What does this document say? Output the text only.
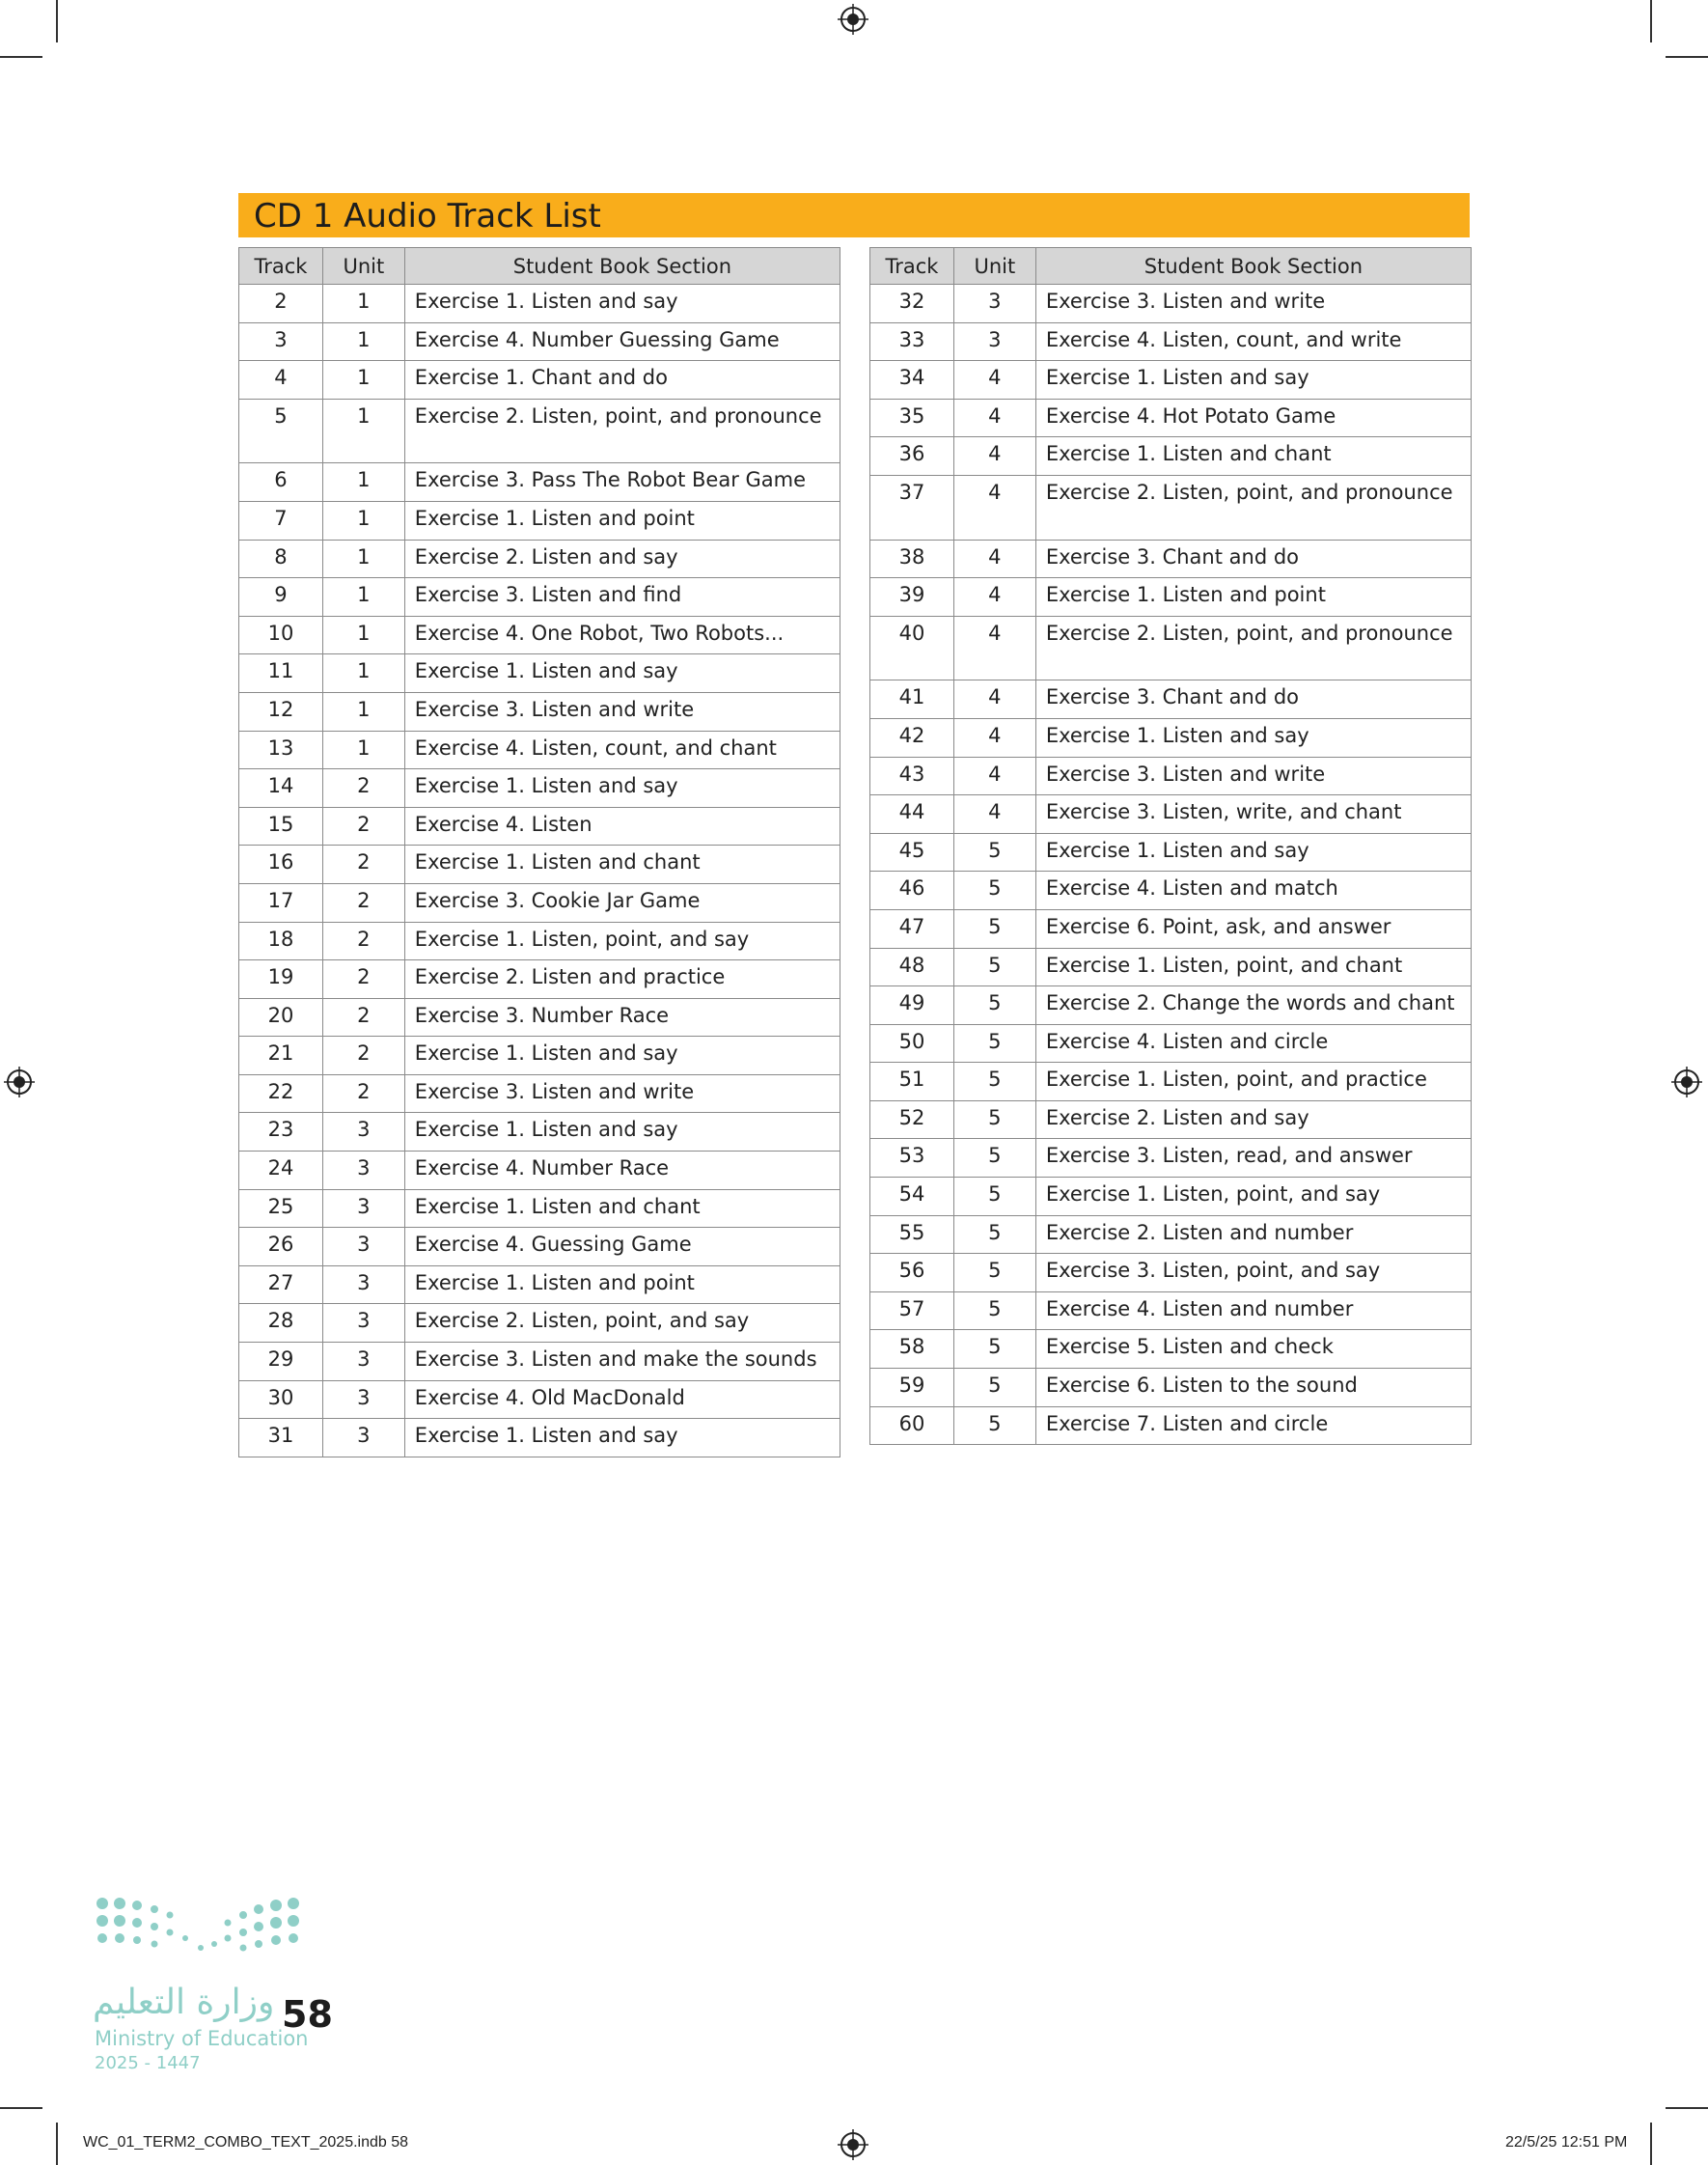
CD 1 Audio Track List
Track	Unit	Student Book Section
2	1	Exercise 1. Listen and say
3	1	Exercise 4. Number Guessing Game
4	1	Exercise 1. Chant and do
5	1	Exercise 2. Listen, point, and pronounce
6	1	Exercise 3. Pass The Robot Bear Game
7	1	Exercise 1. Listen and point
8	1	Exercise 2. Listen and say
9	1	Exercise 3. Listen and find
10	1	Exercise 4. One Robot, Two Robots...
11	1	Exercise 1. Listen and say
12	1	Exercise 3. Listen and write
13	1	Exercise 4. Listen, count, and chant
14	2	Exercise 1. Listen and say
15	2	Exercise 4. Listen
16	2	Exercise 1. Listen and chant
17	2	Exercise 3. Cookie Jar Game
18	2	Exercise 1. Listen, point, and say
19	2	Exercise 2. Listen and practice
20	2	Exercise 3. Number Race
21	2	Exercise 1. Listen and say
22	2	Exercise 3. Listen and write
23	3	Exercise 1. Listen and say
24	3	Exercise 4. Number Race
25	3	Exercise 1. Listen and chant
26	3	Exercise 4. Guessing Game
27	3	Exercise 1. Listen and point
28	3	Exercise 2. Listen, point, and say
29	3	Exercise 3. Listen and make the sounds
30	3	Exercise 4. Old MacDonald
31	3	Exercise 1. Listen and say
Track	Unit	Student Book Section
32	3	Exercise 3. Listen and write
33	3	Exercise 4. Listen, count, and write
34	4	Exercise 1. Listen and say
35	4	Exercise 4. Hot Potato Game
36	4	Exercise 1. Listen and chant
37	4	Exercise 2. Listen, point, and pronounce
38	4	Exercise 3. Chant and do
39	4	Exercise 1. Listen and point
40	4	Exercise 2. Listen, point, and pronounce
41	4	Exercise 3. Chant and do
42	4	Exercise 1. Listen and say
43	4	Exercise 3. Listen and write
44	4	Exercise 3. Listen, write, and chant
45	5	Exercise 1. Listen and say
46	5	Exercise 4. Listen and match
47	5	Exercise 6. Point, ask, and answer
48	5	Exercise 1. Listen, point, and chant
49	5	Exercise 2. Change the words and chant
50	5	Exercise 4. Listen and circle
51	5	Exercise 1. Listen, point, and practice
52	5	Exercise 2. Listen and say
53	5	Exercise 3. Listen, read, and answer
54	5	Exercise 1. Listen, point, and say
55	5	Exercise 2. Listen and number
56	5	Exercise 3. Listen, point, and say
57	5	Exercise 4. Listen and number
58	5	Exercise 5. Listen and check
59	5	Exercise 6. Listen to the sound
60	5	Exercise 7. Listen and circle
وزارة التعليم
Ministry of Education
2025 - 1447
58
WC_01_TERM2_COMBO_TEXT_2025.indb 58	22/5/25 12:51 PM
